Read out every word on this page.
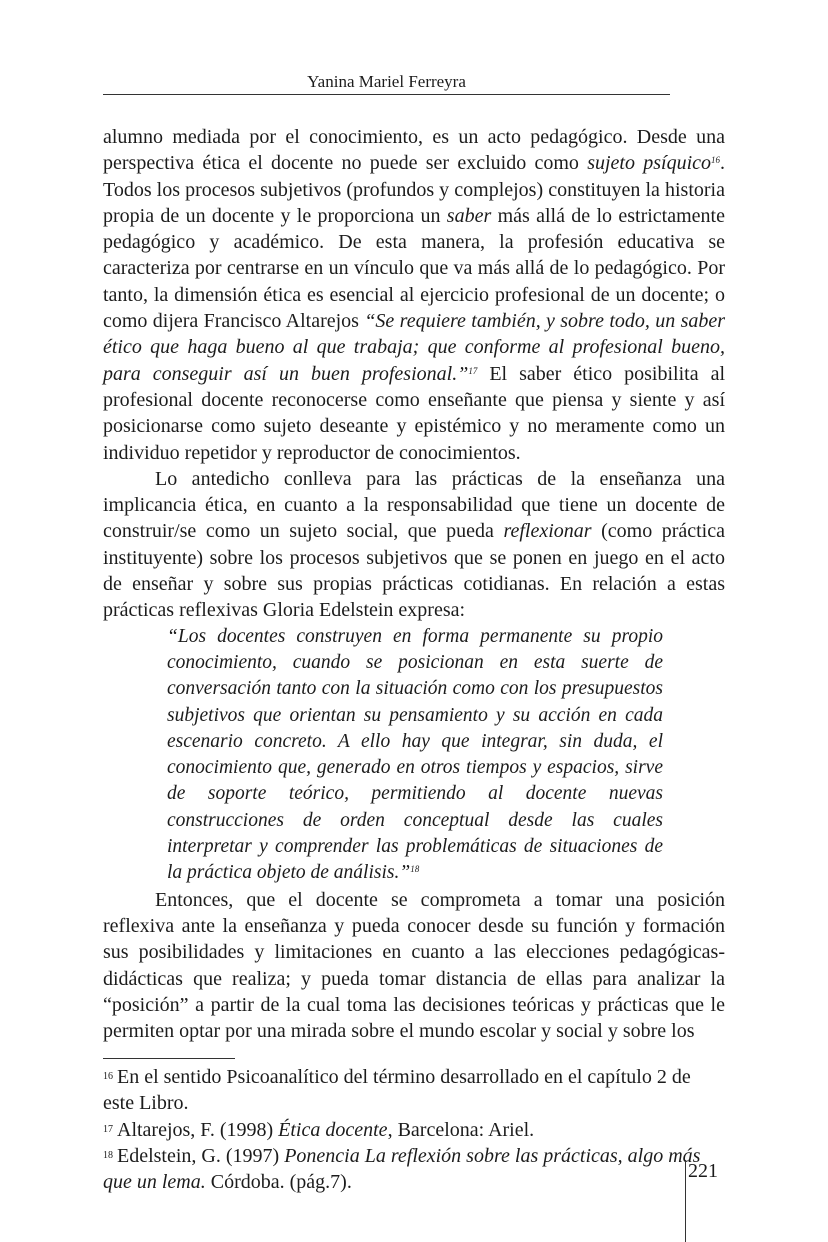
Yanina Mariel Ferreyra

alumno mediada por el conocimiento, es un acto pedagógico. Desde una perspectiva ética el docente no puede ser excluido como sujeto psíquico$^{16}$. Todos los procesos subjetivos (profundos y complejos) constituyen la historia propia de un docente y le proporciona un saber más allá de lo estrictamente pedagógico y académico. De esta manera, la profesión educativa se caracteriza por centrarse en un vínculo que va más allá de lo pedagógico. Por tanto, la dimensión ética es esencial al ejercicio profesional de un docente; o como dijera Francisco Altarejos “Se requiere también, y sobre todo, un saber ético que haga bueno al que trabaja; que conforme al profesional bueno, para conseguir así un buen profesional.”$^{17}$ El saber ético posibilita al profesional docente reconocerse como enseñante que piensa y siente y así posicionarse como sujeto deseante y epistémico y no meramente como un individuo repetidor y reproductor de conocimientos.

Lo antedicho conlleva para las prácticas de la enseñanza una implicancia ética, en cuanto a la responsabilidad que tiene un docente de construir/se como un sujeto social, que pueda reflexionar (como práctica instituyente) sobre los procesos subjetivos que se ponen en juego en el acto de enseñar y sobre sus propias prácticas cotidianas. En relación a estas prácticas reflexivas Gloria Edelstein expresa:

“Los docentes construyen en forma permanente su propio conocimiento, cuando se posicionan en esta suerte de conversación tanto con la situación como con los presupuestos subjetivos que orientan su pensamiento y su acción en cada escenario concreto. A ello hay que integrar, sin duda, el conocimiento que, generado en otros tiempos y espacios, sirve de soporte teórico, permitiendo al docente nuevas construcciones de orden conceptual desde las cuales interpretar y comprender las problemáticas de situaciones de la práctica objeto de análisis.”$^{18}$

Entonces, que el docente se comprometa a tomar una posición reflexiva ante la enseñanza y pueda conocer desde su función y formación sus posibilidades y limitaciones en cuanto a las elecciones pedagógicas-didácticas que realiza; y pueda tomar distancia de ellas para analizar la “posición” a partir de la cual toma las decisiones teóricas y prácticas que le permiten optar por una mirada sobre el mundo escolar y social y sobre los

$^{16}$ En el sentido Psicoanalítico del término desarrollado en el capítulo 2 de este Libro.

$^{17}$ Altarejos, F. (1998) Ética docente, Barcelona: Ariel.

$^{18}$ Edelstein, G. (1997) Ponencia La reflexión sobre las prácticas, algo más que un lema. Córdoba. (pág.7).

221
